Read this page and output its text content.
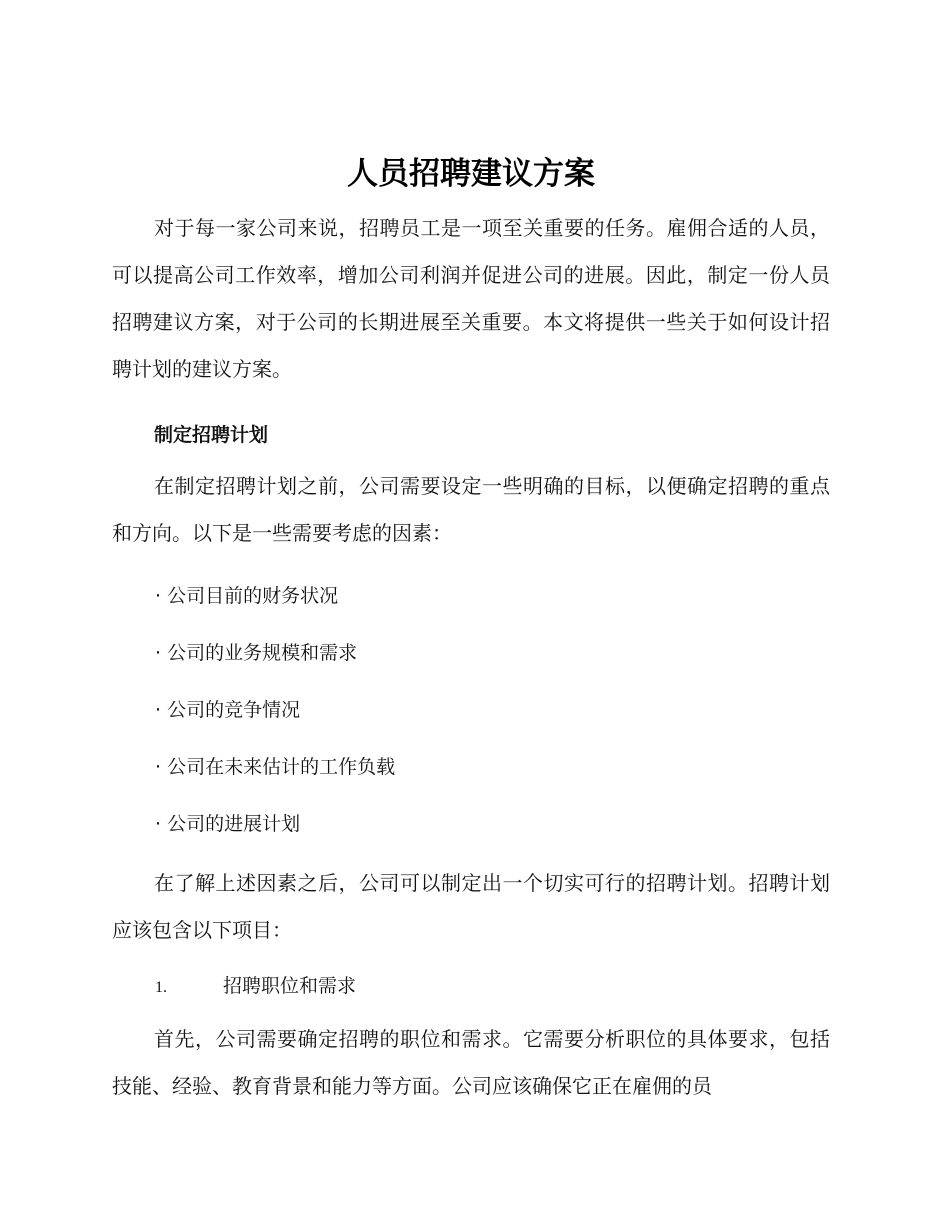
人员招聘建议方案

对于每一家公司来说，招聘员工是一项至关重要的任务。雇佣合适的人员，可以提高公司工作效率，增加公司利润并促进公司的进展。因此，制定一份人员招聘建议方案，对于公司的长期进展至关重要。本文将提供一些关于如何设计招聘计划的建议方案。

制定招聘计划

在制定招聘计划之前，公司需要设定一些明确的目标，以便确定招聘的重点和方向。以下是一些需要考虑的因素：

· 公司目前的财务状况

· 公司的业务规模和需求

· 公司的竞争情况

· 公司在未来估计的工作负载

· 公司的进展计划

在了解上述因素之后，公司可以制定出一个切实可行的招聘计划。招聘计划应该包含以下项目：

1.	招聘职位和需求

首先，公司需要确定招聘的职位和需求。它需要分析职位的具体要求，包括技能、经验、教育背景和能力等方面。公司应该确保它正在雇佣的员
